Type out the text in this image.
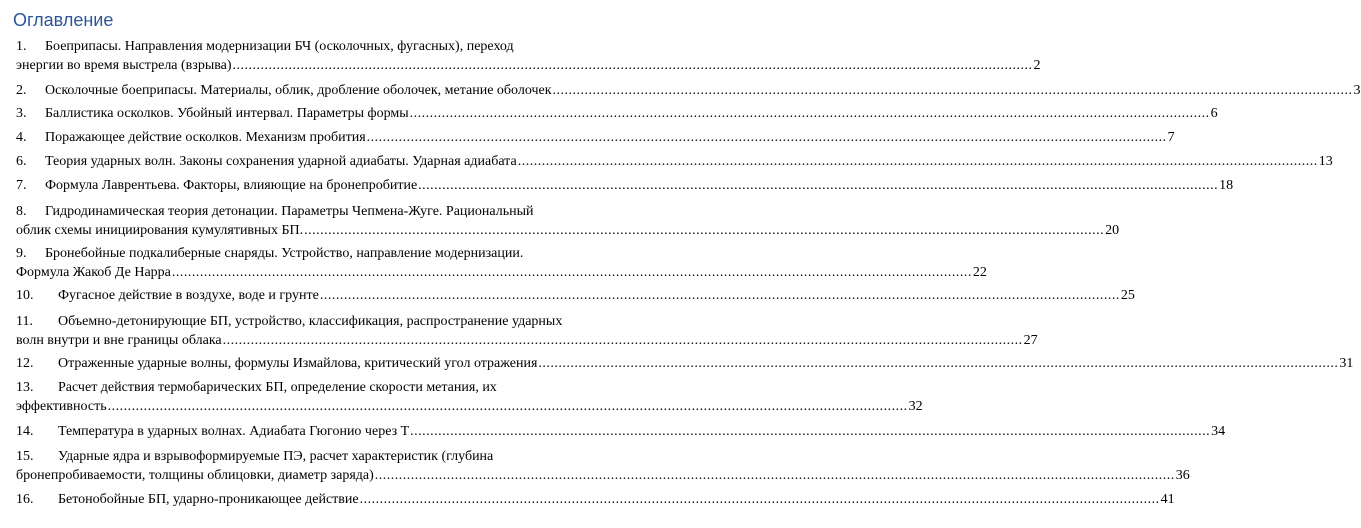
Оглавление
1. Боеприпасы. Направления модернизации БЧ (осколочных, фугасных), переход
энергии во время выстрела (взрыва) ........................................................................................................................................................................................................ 2
2. Осколочные боеприпасы. Материалы, облик, дробление оболочек, метание оболочек ........................................................................................................................................................................................................ 3
3. Баллистика осколков. Убойный интервал. Параметры формы ........................................................................................................................................................................................................ 6
4. Поражающее действие осколков. Механизм пробития ........................................................................................................................................................................................................ 7
6. Теория ударных волн. Законы сохранения ударной адиабаты. Ударная адиабата ........................................................................................................................................................................................................ 13
7. Формула Лаврентьева. Факторы, влияющие на бронепробитие ........................................................................................................................................................................................................ 18
8. Гидродинамическая теория детонации. Параметры Чепмена-Жуге. Рациональный
облик схемы инициирования кумулятивных БП. ........................................................................................................................................................................................................ 20
9. Бронебойные подкалиберные снаряды. Устройство, направление модернизации.
Формула Жакоб Де Нарра ........................................................................................................................................................................................................ 22
10. Фугасное действие в воздухе, воде и грунте ........................................................................................................................................................................................................ 25
11. Объемно-детонирующие БП, устройство, классификация, распространение ударных
волн внутри и вне границы облака ........................................................................................................................................................................................................ 27
12. Отраженные ударные волны, формулы Измайлова, критический угол отражения ........................................................................................................................................................................................................ 31
13. Расчет действия термобарических БП, определение скорости метания, их
эффективность ........................................................................................................................................................................................................ 32
14. Температура в ударных волнах. Адиабата Гюгонио через Т ........................................................................................................................................................................................................ 34
15. Ударные ядра и взрывоформируемые ПЭ, расчет характеристик (глубина
бронепробиваемости, толщины облицовки, диаметр заряда) ........................................................................................................................................................................................................ 36
16. Бетонобойные БП, ударно-проникающее действие ........................................................................................................................................................................................................ 41
